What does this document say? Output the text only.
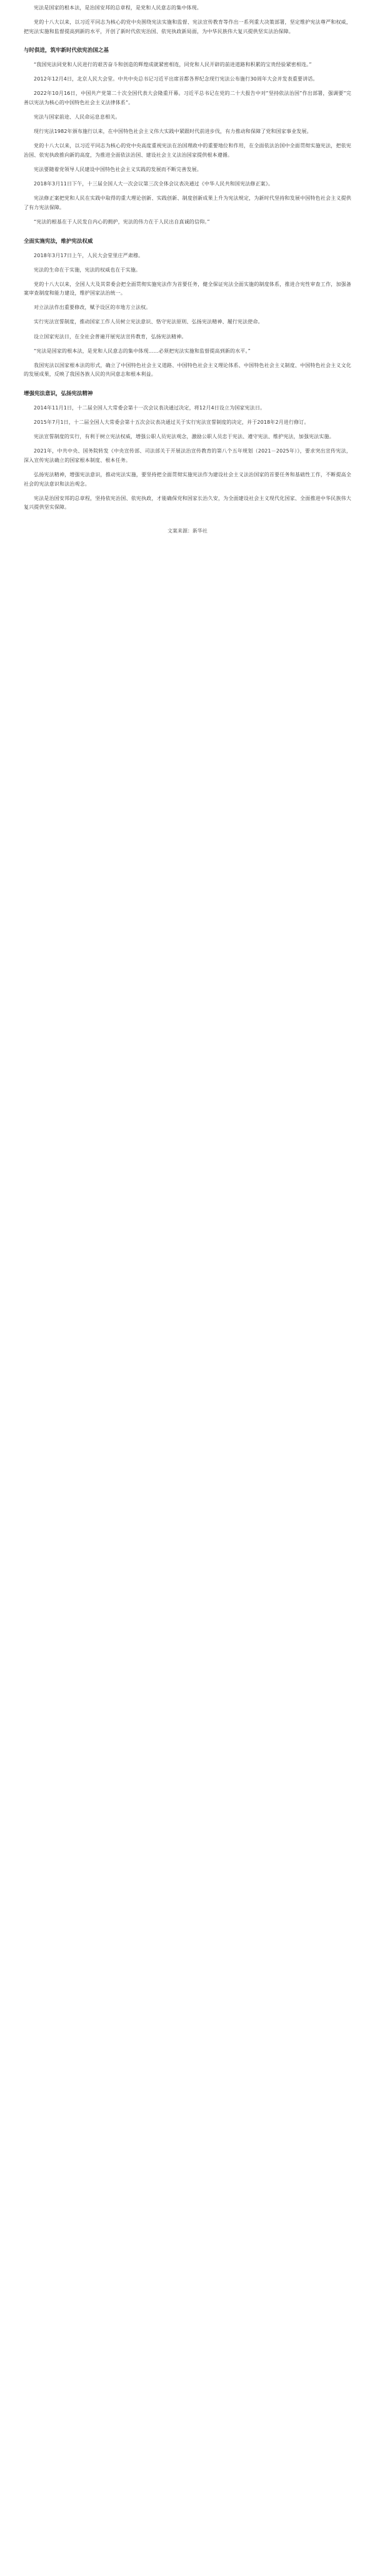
宪法是国家的根本法，是治国安邦的总章程，是党和人民意志的集中体现。

党的十八大以来，以习近平同志为核心的党中央围绕宪法实施和监督、宪法宣传教育等作出一系列重大决策部署，坚定维护宪法尊严和权威，把宪法实施和监督提高到新的水平，开创了新时代依宪治国、依宪执政新局面，为中华民族伟大复兴提供坚实法治保障。

与时俱进，筑牢新时代依宪治国之基

“我国宪法同党和人民进行的艰苦奋斗和创造的辉煌成就紧密相连，同党和人民开辟的前进道路和积累的宝贵经验紧密相连。”

2012年12月4日，北京人民大会堂。中共中央总书记习近平出席首都各界纪念现行宪法公布施行30周年大会并发表重要讲话。

2022年10月16日，中国共产党第二十次全国代表大会隆重开幕。习近平总书记在党的二十大报告中对“坚持依法治国”作出部署，强调要“完善以宪法为核心的中国特色社会主义法律体系”。

宪法与国家前途、人民命运息息相关。

现行宪法1982年颁布施行以来，在中国特色社会主义伟大实践中紧跟时代前进步伐，有力推动和保障了党和国家事业发展。

党的十八大以来，以习近平同志为核心的党中央高度重视宪法在治国理政中的重要地位和作用，在全面依法治国中全面贯彻实施宪法，把依宪治国、依宪执政推向新的高度，为推进全面依法治国、建设社会主义法治国家提供根本遵循。

宪法要随着党领导人民建设中国特色社会主义实践的发展而不断完善发展。

2018年3月11日下午，十三届全国人大一次会议第三次全体会议表决通过《中华人民共和国宪法修正案》。

宪法修正案把党和人民在实践中取得的重大理论创新、实践创新、制度创新成果上升为宪法规定，为新时代坚持和发展中国特色社会主义提供了有力宪法保障。

“宪法的根基在于人民发自内心的拥护，宪法的伟力在于人民出自真诚的信仰。”

全面实施宪法，维护宪法权威

2018年3月17日上午，人民大会堂里庄严肃穆。

宪法的生命在于实施，宪法的权威也在于实施。

党的十八大以来，全国人大及其常委会把全面贯彻实施宪法作为首要任务，健全保证宪法全面实施的制度体系，推进合宪性审查工作，加强备案审查制度和能力建设，维护国家法治统一。

对立法法作出重要修改，赋予设区的市地方立法权。

实行宪法宣誓制度，推动国家工作人员树立宪法意识、恪守宪法原则、弘扬宪法精神、履行宪法使命。

设立国家宪法日，在全社会普遍开展宪法宣传教育，弘扬宪法精神。

“宪法是国家的根本法，是党和人民意志的集中体现……必须把宪法实施和监督提高到新的水平。”

我国宪法以国家根本法的形式，确立了中国特色社会主义道路、中国特色社会主义理论体系、中国特色社会主义制度、中国特色社会主义文化的发展成果，反映了我国各族人民的共同意志和根本利益。

增强宪法意识，弘扬宪法精神

2014年11月1日，十二届全国人大常委会第十一次会议表决通过决定，将12月4日设立为国家宪法日。

2015年7月1日，十二届全国人大常委会第十五次会议表决通过关于实行宪法宣誓制度的决定，并于2018年2月进行修订。

宪法宣誓制度的实行，有利于树立宪法权威，增强公职人员宪法观念，激励公职人员忠于宪法、遵守宪法、维护宪法，加强宪法实施。

2021年，中共中央、国务院转发《中央宣传部、司法部关于开展法治宣传教育的第八个五年规划（2021－2025年）》，要求突出宣传宪法，深入宣传宪法确立的国家根本制度、根本任务。

弘扬宪法精神，增强宪法意识，推动宪法实施，要坚持把全面贯彻实施宪法作为建设社会主义法治国家的首要任务和基础性工作，不断提高全社会的宪法意识和法治观念。

宪法是治国安邦的总章程，坚持依宪治国、依宪执政，才能确保党和国家长治久安，为全面建设社会主义现代化国家、全面推进中华民族伟大复兴提供坚实保障。

文案来源：新华社
